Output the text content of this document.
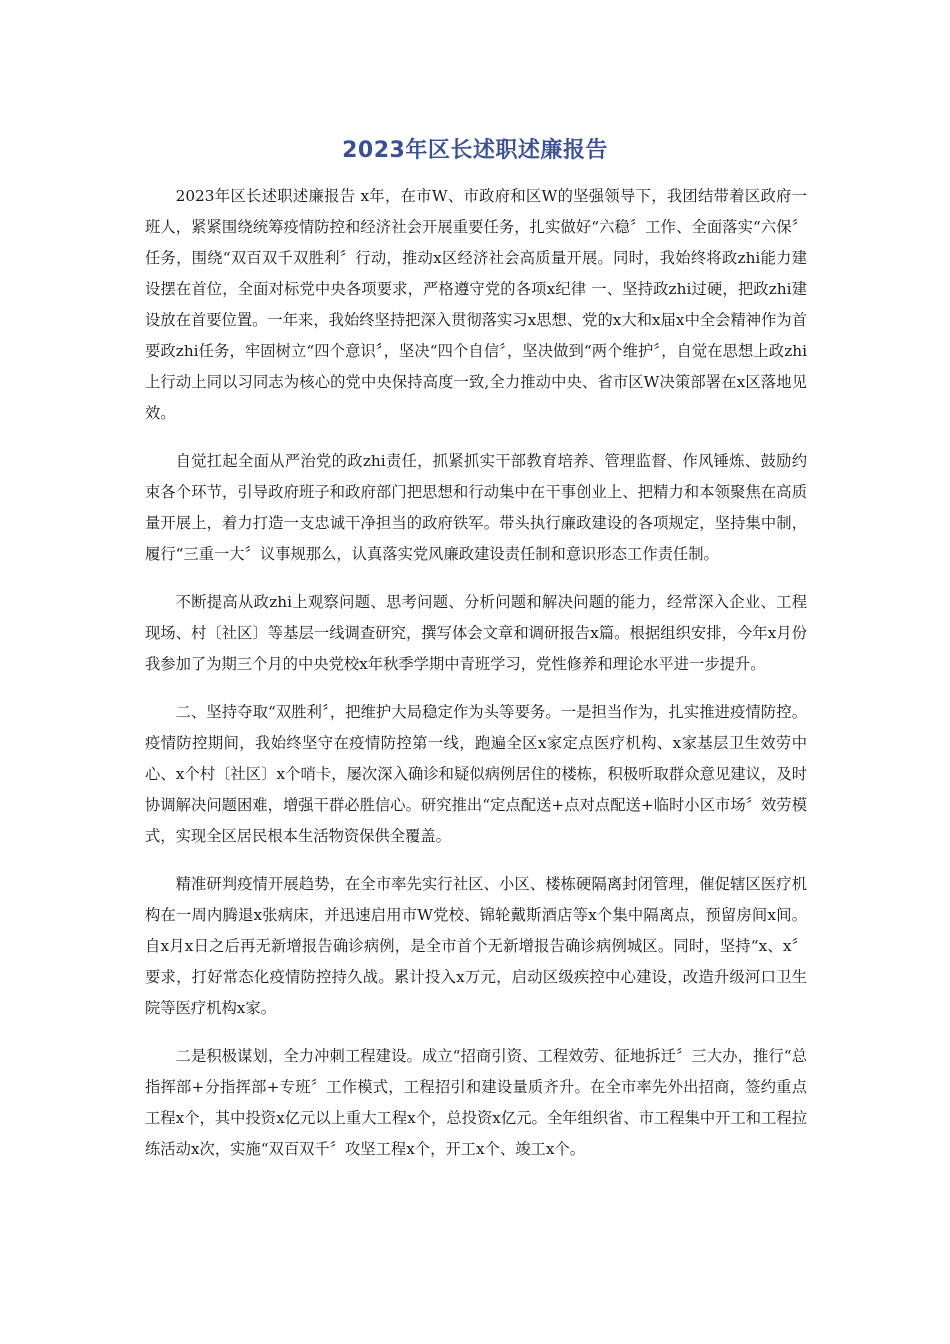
2023年区长述职述廉报告

2023年区长述职述廉报告 x年，在市W、市政府和区W的坚强领导下，我团结带着区政府一班人，紧紧围绕统筹疫情防控和经济社会开展重要任务，扎实做好“六稳〞工作、全面落实“六保〞任务，围绕“双百双千双胜利〞行动，推动x区经济社会高质量开展。同时，我始终将政zhi能力建设摆在首位，全面对标党中央各项要求，严格遵守党的各项x纪律 一、坚持政zhi过硬，把政zhi建设放在首要位置。一年来，我始终坚持把深入贯彻落实习x思想、党的x大和x届x中全会精神作为首要政zhi任务，牢固树立“四个意识〞，坚决“四个自信〞，坚决做到“两个维护〞，自觉在思想上政zhi上行动上同以习同志为核心的党中央保持高度一致,全力推动中央、省市区W决策部署在x区落地见效。

自觉扛起全面从严治党的政zhi责任，抓紧抓实干部教育培养、管理监督、作风锤炼、鼓励约束各个环节，引导政府班子和政府部门把思想和行动集中在干事创业上、把精力和本领聚焦在高质量开展上，着力打造一支忠诚干净担当的政府铁军。带头执行廉政建设的各项规定，坚持集中制，履行“三重一大〞议事规那么，认真落实党风廉政建设责任制和意识形态工作责任制。

不断提高从政zhi上观察问题、思考问题、分析问题和解决问题的能力，经常深入企业、工程现场、村〔社区〕等基层一线调查研究，撰写体会文章和调研报告x篇。根据组织安排，今年x月份我参加了为期三个月的中央党校x年秋季学期中青班学习，党性修养和理论水平进一步提升。

二、坚持夺取“双胜利〞，把维护大局稳定作为头等要务。一是担当作为，扎实推进疫情防控。疫情防控期间，我始终坚守在疫情防控第一线，跑遍全区x家定点医疗机构、x家基层卫生效劳中心、x个村〔社区〕x个哨卡，屡次深入确诊和疑似病例居住的楼栋，积极听取群众意见建议，及时协调解决问题困难，增强干群必胜信心。研究推出“定点配送+点对点配送+临时小区市场〞效劳模式，实现全区居民根本生活物资保供全覆盖。

精准研判疫情开展趋势，在全市率先实行社区、小区、楼栋硬隔离封闭管理，催促辖区医疗机构在一周内腾退x张病床，并迅速启用市W党校、锦轮戴斯酒店等x个集中隔离点，预留房间x间。自x月x日之后再无新增报告确诊病例，是全市首个无新增报告确诊病例城区。同时，坚持“x、x〞要求，打好常态化疫情防控持久战。累计投入x万元，启动区级疾控中心建设，改造升级河口卫生院等医疗机构x家。

二是积极谋划，全力冲刺工程建设。成立“招商引资、工程效劳、征地拆迁〞三大办，推行“总指挥部+分指挥部+专班〞工作模式，工程招引和建设量质齐升。在全市率先外出招商，签约重点工程x个，其中投资x亿元以上重大工程x个，总投资x亿元。全年组织省、市工程集中开工和工程拉练活动x次，实施“双百双千〞攻坚工程x个，开工x个、竣工x个。
